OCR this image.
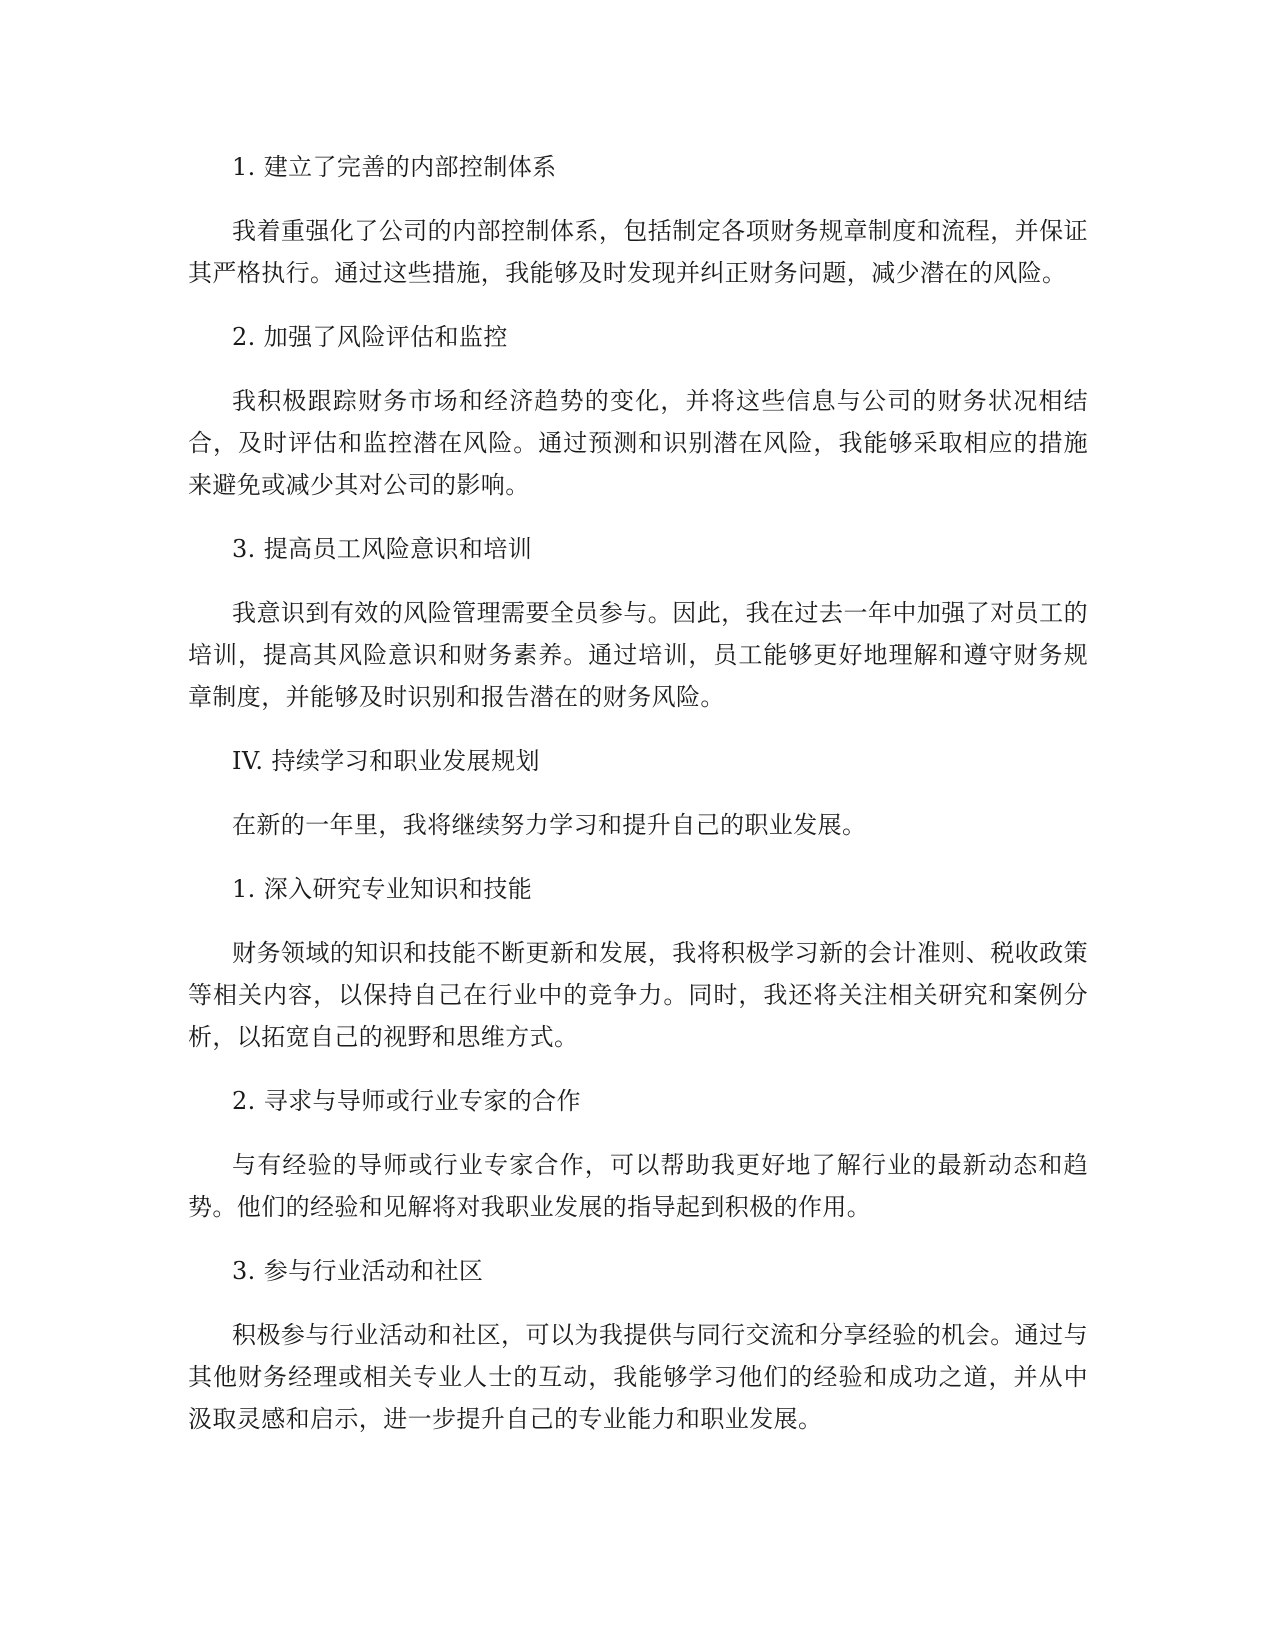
1. 建立了完善的内部控制体系

我着重强化了公司的内部控制体系，包括制定各项财务规章制度和流程，并保证其严格执行。通过这些措施，我能够及时发现并纠正财务问题，减少潜在的风险。

2. 加强了风险评估和监控

我积极跟踪财务市场和经济趋势的变化，并将这些信息与公司的财务状况相结合，及时评估和监控潜在风险。通过预测和识别潜在风险，我能够采取相应的措施来避免或减少其对公司的影响。

3. 提高员工风险意识和培训

我意识到有效的风险管理需要全员参与。因此，我在过去一年中加强了对员工的培训，提高其风险意识和财务素养。通过培训，员工能够更好地理解和遵守财务规章制度，并能够及时识别和报告潜在的财务风险。

IV. 持续学习和职业发展规划

在新的一年里，我将继续努力学习和提升自己的职业发展。

1. 深入研究专业知识和技能

财务领域的知识和技能不断更新和发展，我将积极学习新的会计准则、税收政策等相关内容，以保持自己在行业中的竞争力。同时，我还将关注相关研究和案例分析，以拓宽自己的视野和思维方式。

2. 寻求与导师或行业专家的合作

与有经验的导师或行业专家合作，可以帮助我更好地了解行业的最新动态和趋势。他们的经验和见解将对我职业发展的指导起到积极的作用。

3. 参与行业活动和社区

积极参与行业活动和社区，可以为我提供与同行交流和分享经验的机会。通过与其他财务经理或相关专业人士的互动，我能够学习他们的经验和成功之道，并从中汲取灵感和启示，进一步提升自己的专业能力和职业发展。
